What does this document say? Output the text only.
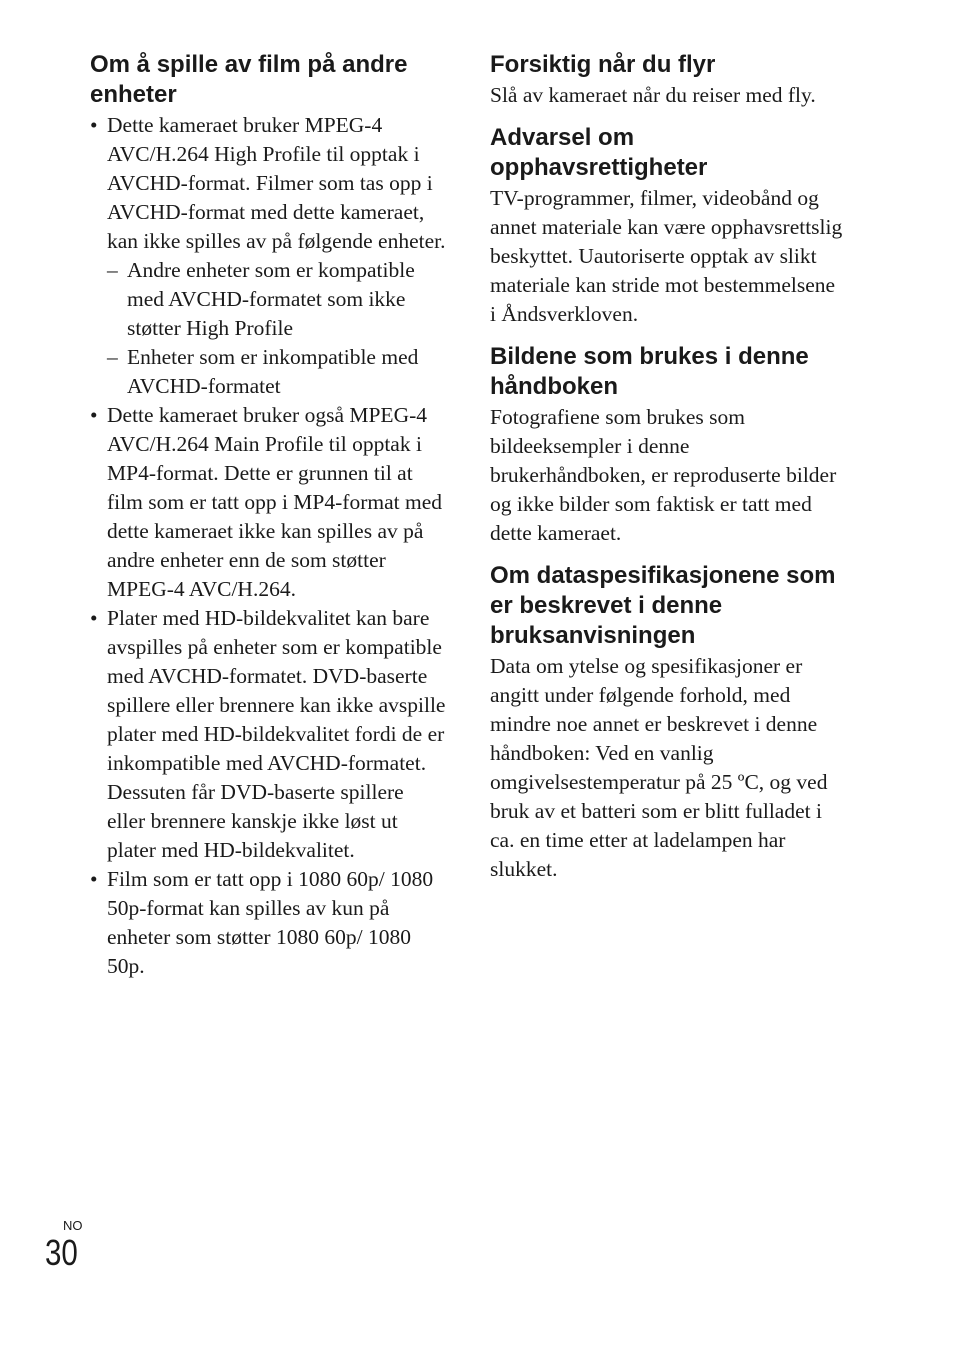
Om å spille av film på andre enheter
• Dette kameraet bruker MPEG-4 AVC/H.264 High Profile til opptak i AVCHD-format. Filmer som tas opp i AVCHD-format med dette kameraet, kan ikke spilles av på følgende enheter.
– Andre enheter som er kompatible med AVCHD-formatet som ikke støtter High Profile
– Enheter som er inkompatible med AVCHD-formatet
• Dette kameraet bruker også MPEG-4 AVC/H.264 Main Profile til opptak i MP4-format. Dette er grunnen til at film som er tatt opp i MP4-format med dette kameraet ikke kan spilles av på andre enheter enn de som støtter MPEG-4 AVC/H.264.
• Plater med HD-bildekvalitet kan bare avspilles på enheter som er kompatible med AVCHD-formatet. DVD-baserte spillere eller brennere kan ikke avspille plater med HD-bildekvalitet fordi de er inkompatible med AVCHD-formatet. Dessuten får DVD-baserte spillere eller brennere kanskje ikke løst ut plater med HD-bildekvalitet.
• Film som er tatt opp i 1080 60p/ 1080 50p-format kan spilles av kun på enheter som støtter 1080 60p/ 1080 50p.
Forsiktig når du flyr

Slå av kameraet når du reiser med fly.

Advarsel om opphavsrettigheter

TV-programmer, filmer, videobånd og annet materiale kan være opphavsrettslig beskyttet. Uautoriserte opptak av slikt materiale kan stride mot bestemmelsene i Åndsverkloven.

Bildene som brukes i denne håndboken

Fotografiene som brukes som bildeeksempler i denne brukerhåndboken, er reproduserte bilder og ikke bilder som faktisk er tatt med dette kameraet.

Om dataspesifikasjonene som er beskrevet i denne bruksanvisningen

Data om ytelse og spesifikasjoner er angitt under følgende forhold, med mindre noe annet er beskrevet i denne håndboken: Ved en vanlig omgivelsestemperatur på 25 ºC, og ved bruk av et batteri som er blitt fulladet i ca. en time etter at ladelampen har slukket.

NO
30
